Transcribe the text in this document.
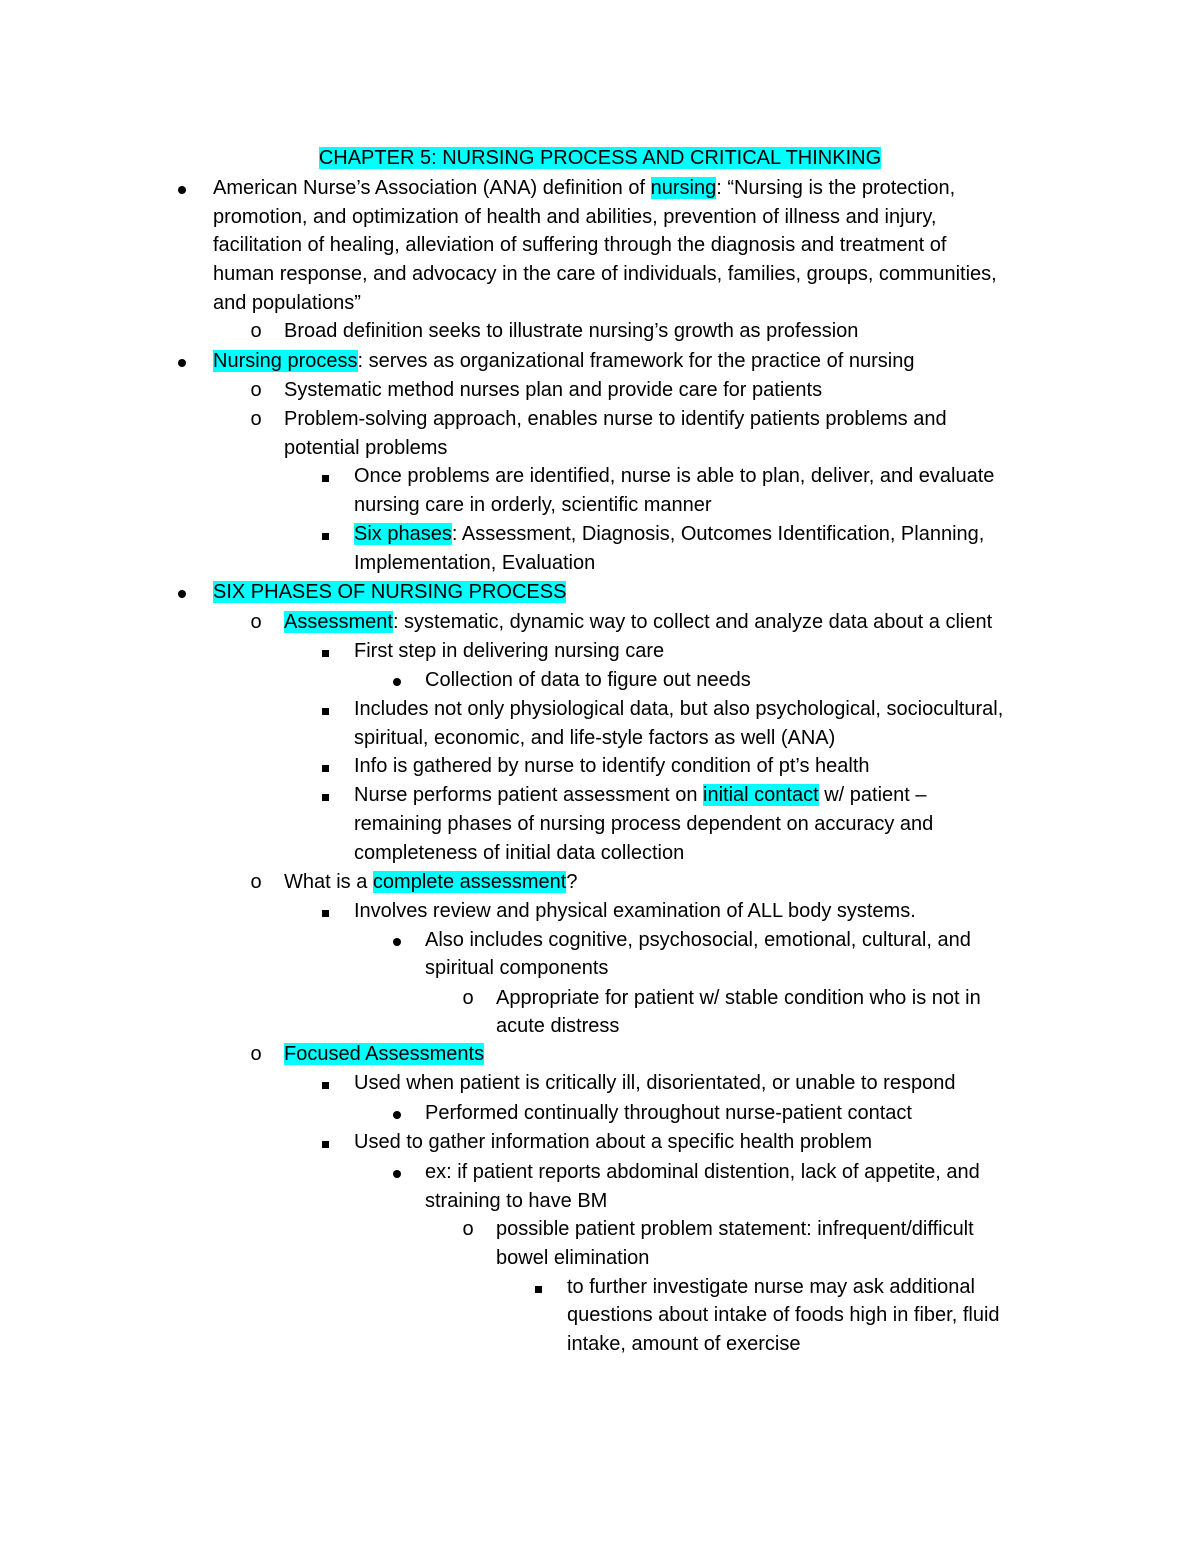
CHAPTER 5: NURSING PROCESS AND CRITICAL THINKING
American Nurse’s Association (ANA) definition of nursing: “Nursing is the protection,
promotion, and optimization of health and abilities, prevention of illness and injury,
facilitation of healing, alleviation of suffering through the diagnosis and treatment of
human response, and advocacy in the care of individuals, families, groups, communities,
and populations”
o Broad definition seeks to illustrate nursing’s growth as profession
Nursing process: serves as organizational framework for the practice of nursing
o Systematic method nurses plan and provide care for patients
o Problem-solving approach, enables nurse to identify patients problems and
potential problems
Once problems are identified, nurse is able to plan, deliver, and evaluate
nursing care in orderly, scientific manner
Six phases: Assessment, Diagnosis, Outcomes Identification, Planning,
Implementation, Evaluation
SIX PHASES OF NURSING PROCESS
o Assessment: systematic, dynamic way to collect and analyze data about a client
First step in delivering nursing care
Collection of data to figure out needs
Includes not only physiological data, but also psychological, sociocultural,
spiritual, economic, and life-style factors as well (ANA)
Info is gathered by nurse to identify condition of pt’s health
Nurse performs patient assessment on initial contact w/ patient –
remaining phases of nursing process dependent on accuracy and
completeness of initial data collection
o What is a complete assessment?
Involves review and physical examination of ALL body systems.
Also includes cognitive, psychosocial, emotional, cultural, and
spiritual components
o Appropriate for patient w/ stable condition who is not in
acute distress
o Focused Assessments
Used when patient is critically ill, disorientated, or unable to respond
Performed continually throughout nurse-patient contact
Used to gather information about a specific health problem
ex: if patient reports abdominal distention, lack of appetite, and
straining to have BM
o possible patient problem statement: infrequent/difficult
bowel elimination
to further investigate nurse may ask additional
questions about intake of foods high in fiber, fluid
intake, amount of exercise
